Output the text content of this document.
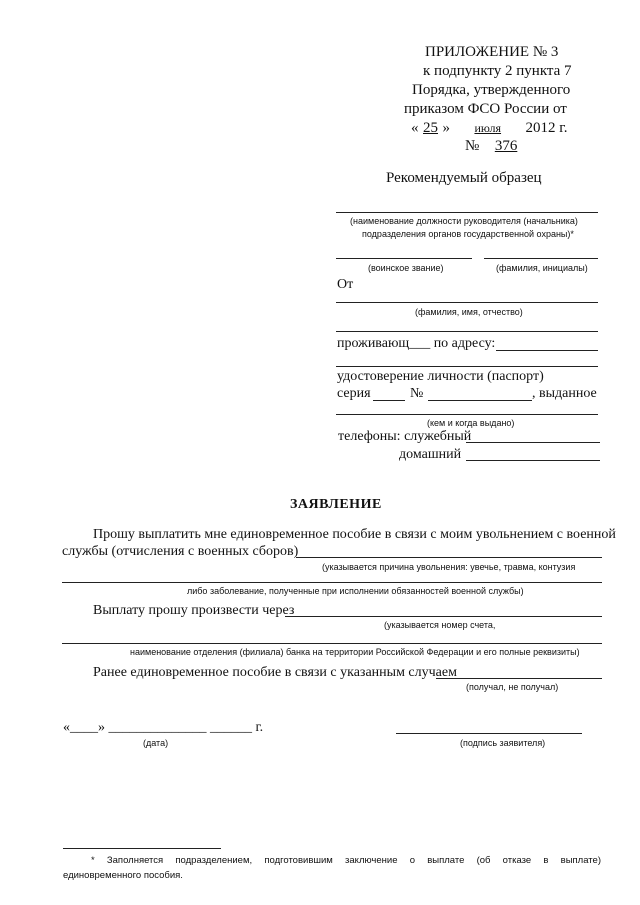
ПРИЛОЖЕНИЕ № 3
к подпункту 2 пункта 7
Порядка, утвержденного
приказом ФСО России от
« 25 » июля 2012 г.
№ 376
Рекомендуемый образец
(наименование должности руководителя (начальника)
подразделения органов государственной охраны)*
(воинское звание)	(фамилия, инициалы)
От
(фамилия, имя, отчество)
проживающ___ по адресу:
удостоверение личности (паспорт)
серия	№	, выданное
(кем и когда выдано)
телефоны: служебный
домашний
ЗАЯВЛЕНИЕ
Прошу выплатить мне единовременное пособие в связи с моим увольнением с военной
службы (отчисления с военных сборов)
(указывается причина увольнения: увечье, травма, контузия
либо заболевание, полученные при исполнении обязанностей военной службы)
Выплату прошу произвести через
(указывается номер счета,
наименование отделения (филиала) банка на территории Российской Федерации и его полные реквизиты)
Ранее единовременное пособие в связи с указанным случаем
(получал, не получал)
«____» ______________ ______ г.
(дата)	(подпись заявителя)
* Заполняется подразделением, подготовившим заключение о выплате (об отказе в выплате)
единовременного пособия.
